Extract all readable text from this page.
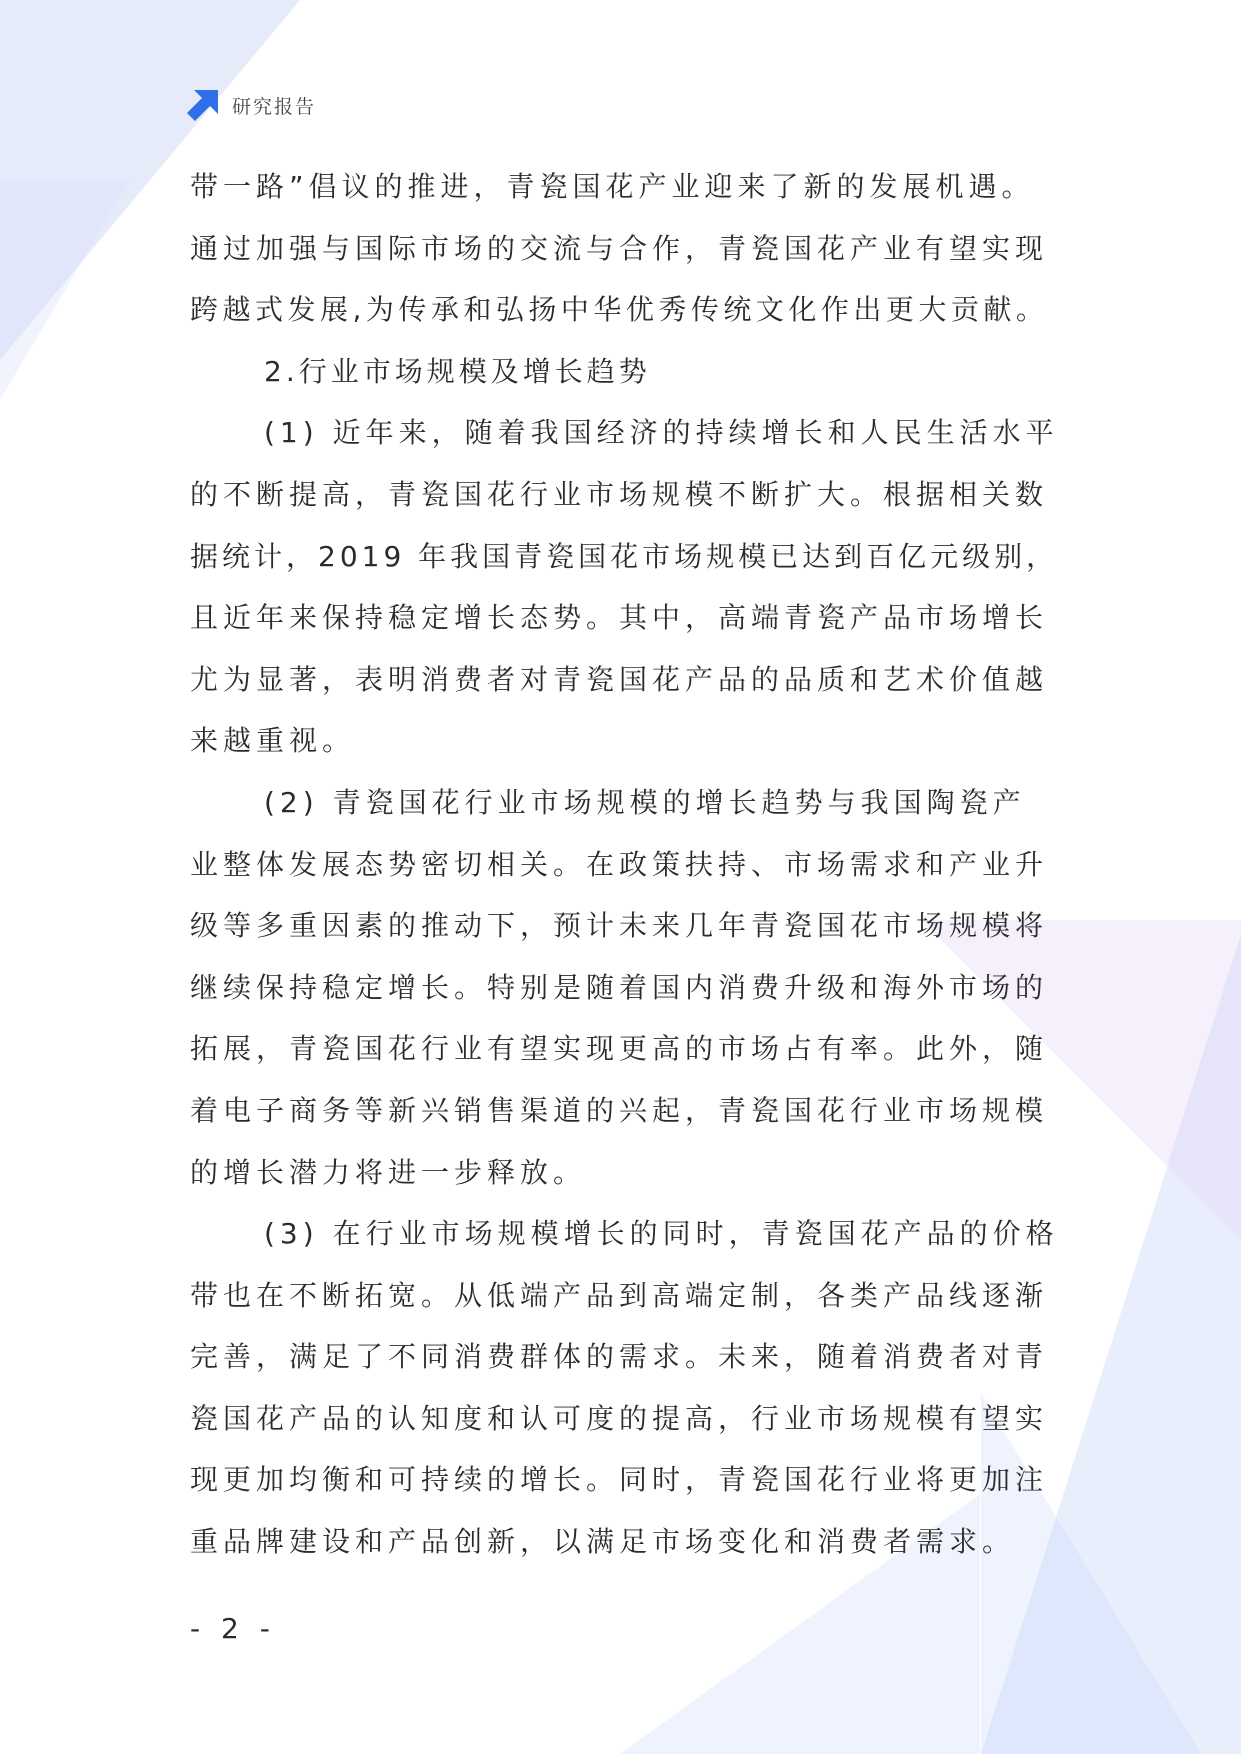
研究报告
带一路”倡议的推进，青瓷国花产业迎来了新的发展机遇。
通过加强与国际市场的交流与合作，青瓷国花产业有望实现
跨越式发展,为传承和弘扬中华优秀传统文化作出更大贡献。
2.行业市场规模及增长趋势
(1) 近年来，随着我国经济的持续增长和人民生活水平
的不断提高，青瓷国花行业市场规模不断扩大。根据相关数
据统计，2019 年我国青瓷国花市场规模已达到百亿元级别，
且近年来保持稳定增长态势。其中，高端青瓷产品市场增长
尤为显著，表明消费者对青瓷国花产品的品质和艺术价值越
来越重视。
(2) 青瓷国花行业市场规模的增长趋势与我国陶瓷产
业整体发展态势密切相关。在政策扶持、市场需求和产业升
级等多重因素的推动下，预计未来几年青瓷国花市场规模将
继续保持稳定增长。特别是随着国内消费升级和海外市场的
拓展，青瓷国花行业有望实现更高的市场占有率。此外，随
着电子商务等新兴销售渠道的兴起，青瓷国花行业市场规模
的增长潜力将进一步释放。
(3) 在行业市场规模增长的同时，青瓷国花产品的价格
带也在不断拓宽。从低端产品到高端定制，各类产品线逐渐
完善，满足了不同消费群体的需求。未来，随着消费者对青
瓷国花产品的认知度和认可度的提高，行业市场规模有望实
现更加均衡和可持续的增长。同时，青瓷国花行业将更加注
重品牌建设和产品创新，以满足市场变化和消费者需求。
- 2 -
